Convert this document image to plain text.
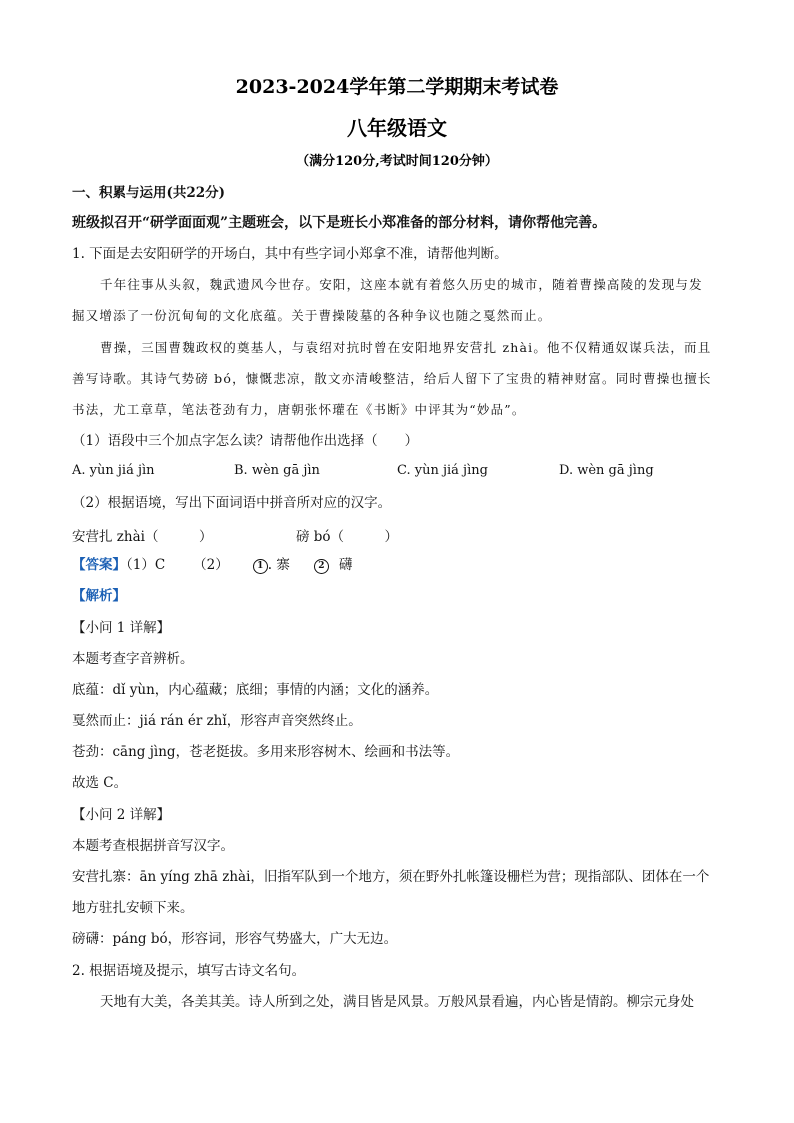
2023-2024学年第二学期期末考试卷
八年级语文
（满分120分,考试时间120分钟）
一、积累与运用(共22分)
班级拟召开“研学面面观”主题班会，以下是班长小郑准备的部分材料，请你帮他完善。
1. 下面是去安阳研学的开场白，其中有些字词小郑拿不准，请帮他判断。
千年往事从头叙，魏武遗风今世存。安阳，这座本就有着悠久历史的城市，随着曹操高陵的发现与发
掘又增添了一份沉甸甸的文化底蕴。关于曹操陵墓的各种争议也随之戛然而止。
曹操，三国曹魏政权的奠基人，与袁绍对抗时曾在安阳地界安营扎 zhài。他不仅精通奴谋兵法，而且
善写诗歌。其诗气势磅 bó，慷慨悲凉，散文亦清峻整洁，给后人留下了宝贵的精神财富。同时曹操也擅长
书法，尤工章草，笔法苍劲有力，唐朝张怀瓘在《书断》中评其为“妙品”。
（1）语段中三个加点字怎么读？请帮他作出选择（　　）
A. yùn jiá jìn	B. wèn gā jìn	C. yùn jiá jìng	D. wèn gā jìng
（2）根据语境，写出下面词语中拼音所对应的汉字。
安营扎 zhài（　　　）	磅 bó（　　　）
【答案】（1）C （2）	1 . 寨	2 礴
【解析】
【小问 1 详解】
本题考查字音辨析。
底蕴：dǐ yùn，内心蕴藏；底细；事情的内涵；文化的涵养。
戛然而止：jiá rán ér zhǐ，形容声音突然终止。
苍劲：cāng jìng，苍老挺拔。多用来形容树木、绘画和书法等。
故选 C。
【小问 2 详解】
本题考查根据拼音写汉字。
安营扎寨：ān yíng zhā zhài，旧指军队到一个地方，须在野外扎帐篷设栅栏为营；现指部队、团体在一个
地方驻扎安顿下来。
磅礴：páng bó，形容词，形容气势盛大，广大无边。
2. 根据语境及提示，填写古诗文名句。
天地有大美，各美其美。诗人所到之处，满目皆是风景。万般风景看遍，内心皆是情韵。柳宗元身处
